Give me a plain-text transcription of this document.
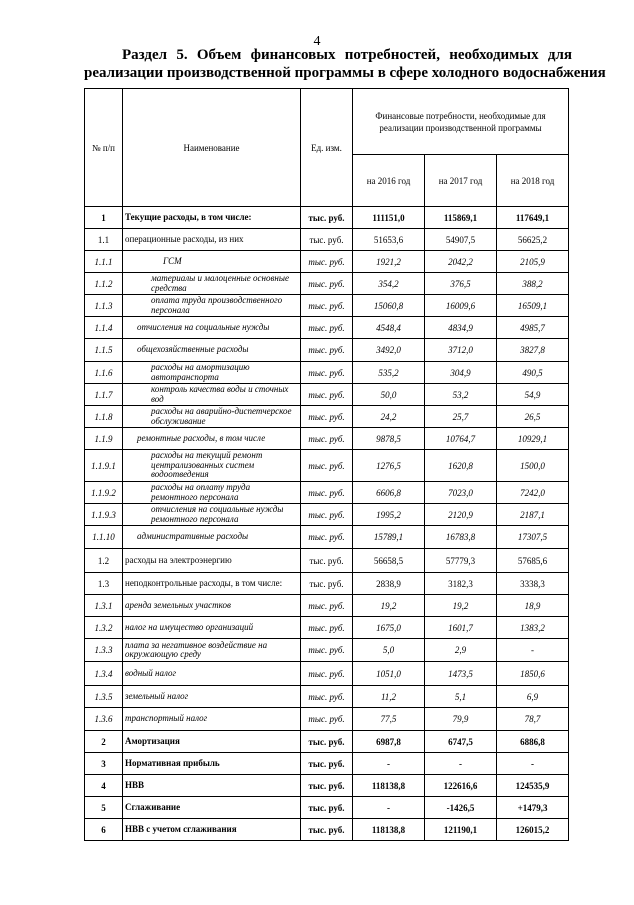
4
Раздел 5. Объем финансовых потребностей, необходимых для
реализации производственной программы в сфере холодного водоснабжения
№ п/п	Наименование	Ед. изм.	Финансовые потребности, необходимые для реализации производственной программы		
			на 2016 год	на 2017 год	на 2018 год
1	Текущие расходы, в том числе:	тыс. руб.	111151,0	115869,1	117649,1
1.1	операционные расходы, из них	тыс. руб.	51653,6	54907,5	56625,2
1.1.1	ГСМ	тыс. руб.	1921,2	2042,2	2105,9
1.1.2	материалы и малоценные основные средства	тыс. руб.	354,2	376,5	388,2
1.1.3	оплата труда производственного персонала	тыс. руб.	15060,8	16009,6	16509,1
1.1.4	отчисления на социальные нужды	тыс. руб.	4548,4	4834,9	4985,7
1.1.5	общехозяйственные расходы	тыс. руб.	3492,0	3712,0	3827,8
1.1.6	расходы на амортизацию автотранспорта	тыс. руб.	535,2	304,9	490,5
1.1.7	контроль качества воды и сточных вод	тыс. руб.	50,0	53,2	54,9
1.1.8	расходы на аварийно-диспетчерское обслуживание	тыс. руб.	24,2	25,7	26,5
1.1.9	ремонтные расходы, в том числе	тыс. руб.	9878,5	10764,7	10929,1
1.1.9.1	расходы на текущий ремонт централизованных систем водоотведения	тыс. руб.	1276,5	1620,8	1500,0
1.1.9.2	расходы на оплату труда ремонтного персонала	тыс. руб.	6606,8	7023,0	7242,0
1.1.9.3	отчисления на социальные нужды ремонтного персонала	тыс. руб.	1995,2	2120,9	2187,1
1.1.10	административные расходы	тыс. руб.	15789,1	16783,8	17307,5
1.2	расходы на электроэнергию	тыс. руб.	56658,5	57779,3	57685,6
1.3	неподконтрольные расходы, в том числе:	тыс. руб.	2838,9	3182,3	3338,3
1.3.1	аренда земельных участков	тыс. руб.	19,2	19,2	18,9
1.3.2	налог на имущество организаций	тыс. руб.	1675,0	1601,7	1383,2
1.3.3	плата за негативное воздействие на окружающую среду	тыс. руб.	5,0	2,9	-
1.3.4	водный налог	тыс. руб.	1051,0	1473,5	1850,6
1.3.5	земельный налог	тыс. руб.	11,2	5,1	6,9
1.3.6	транспортный налог	тыс. руб.	77,5	79,9	78,7
2	Амортизация	тыс. руб.	6987,8	6747,5	6886,8
3	Нормативная прибыль	тыс. руб.	-	-	-
4	НВВ	тыс. руб.	118138,8	122616,6	124535,9
5	Сглаживание	тыс. руб.	-	-1426,5	+1479,3
6	НВВ с учетом сглаживания	тыс. руб.	118138,8	121190,1	126015,2
